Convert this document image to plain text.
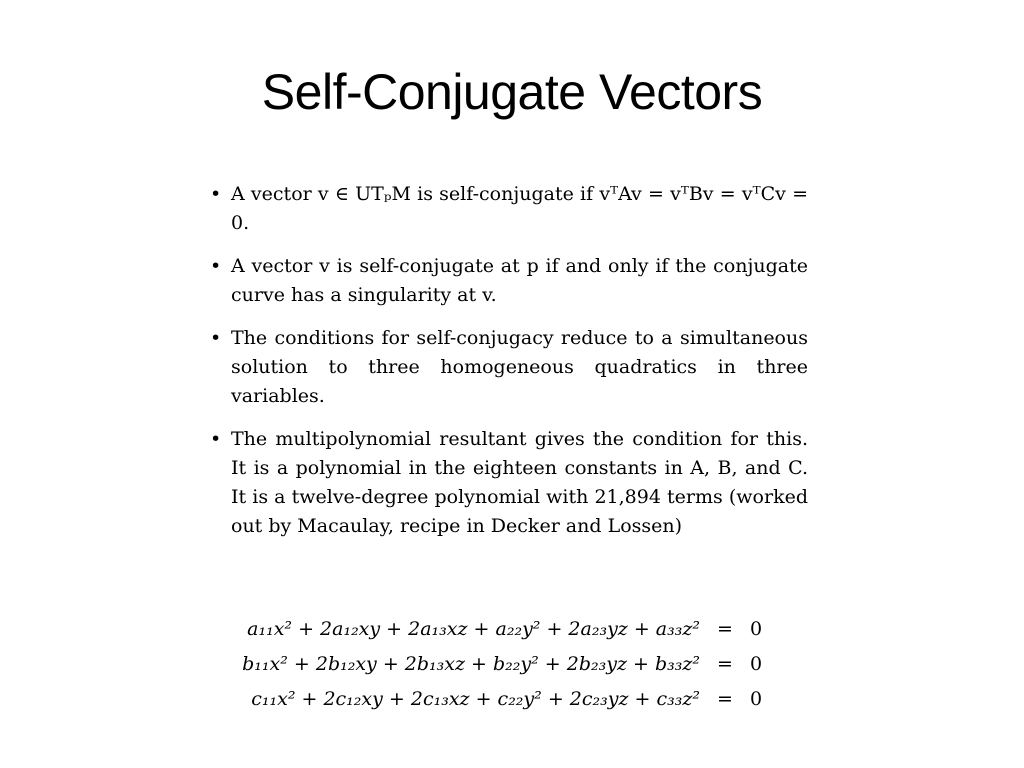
Self-Conjugate Vectors
• A vector v ∈ UTₚM is self-conjugate if vᵀAv = vᵀBv = vᵀCv = 0.
• A vector v is self-conjugate at p if and only if the conjugate curve has a singularity at v.
• The conditions for self-conjugacy reduce to a simultaneous solution to three homogeneous quadratics in three variables.
• The multipolynomial resultant gives the condition for this. It is a polynomial in the eighteen constants in A, B, and C. It is a twelve-degree polynomial with 21,894 terms (worked out by Macaulay, recipe in Decker and Lossen)
a₁₁x² + 2a₁₂xy + 2a₁₃xz + a₂₂y² + 2a₂₃yz + a₃₃z² = 0
b₁₁x² + 2b₁₂xy + 2b₁₃xz + b₂₂y² + 2b₂₃yz + b₃₃z² = 0
c₁₁x² + 2c₁₂xy + 2c₁₃xz + c₂₂y² + 2c₂₃yz + c₃₃z² = 0
